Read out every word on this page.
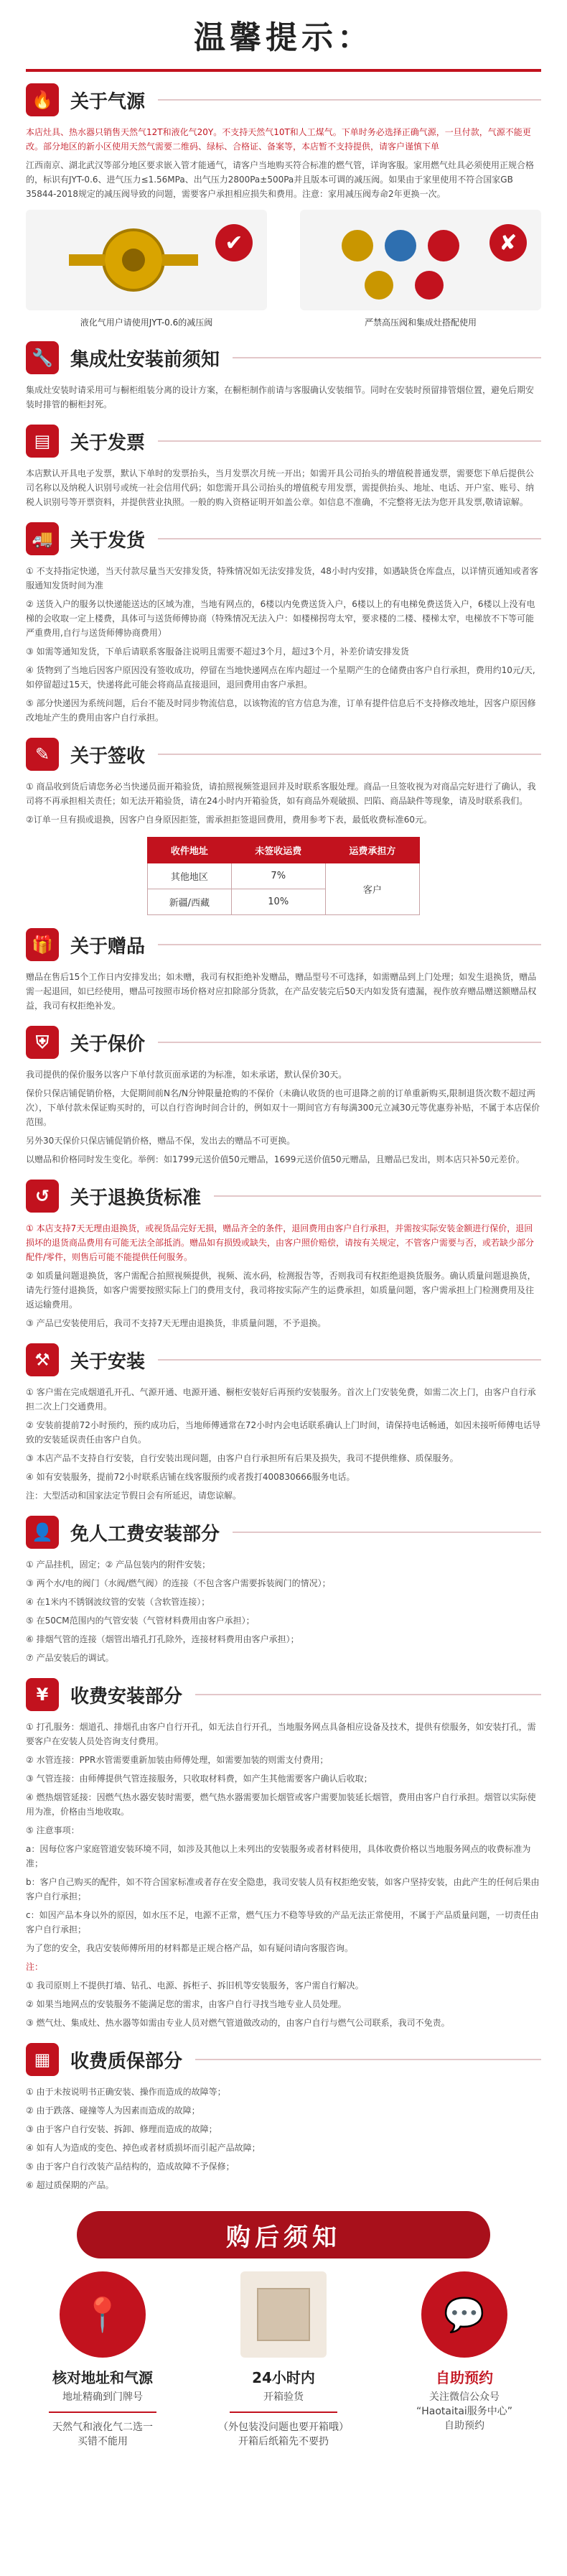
温馨提示：
🔥 关于气源

本店灶具、热水器只销售天然气12T和液化气20Y。不支持天然气10T和人工煤气。下单时务必选择正确气源，一旦付款，气源不能更改。部分地区的新小区使用天然气需要二维码、绿标、合格证、备案等，本店暂不支持提供，请客户谨慎下单

江西南京、湖北武汉等部分地区要求嵌入管才能通气，请客户当地购买符合标准的燃气管，详询客服。家用燃气灶具必须使用正规合格的，标识有JYT-0.6、进气压力≤1.56MPa、出气压力2800Pa±500Pa并且版本可调的减压阀。如果由于家里使用不符合国家GB 35844-2018规定的减压阀导致的问题，需要客户承担相应损失和费用。注意：家用减压阀寿命2年更换一次。

✔
液化气用户请使用JYT-0.6的减压阀
✘
严禁高压阀和集成灶搭配使用
🔧 集成灶安装前须知

集成灶安装时请采用可与橱柜组装分离的设计方案，在橱柜制作前请与客服确认安装细节。同时在安装时预留排管烟位置，避免后期安装时排管的橱柜封死。

▤	关于发票

本店默认开具电子发票，默认下单时的发票抬头，当月发票次月统一开出；如需开具公司抬头的增值税普通发票，需要您下单后提供公司名称以及纳税人识别号或统一社会信用代码；如您需开具公司抬头的增值税专用发票，需提供抬头、地址、电话、开户室、账号、纳税人识别号等开票资料，并提供营业执照。一般的购入资格证明开如盖公章。如信息不准确，不完整将无法为您开具发票,敬请谅解。

🚚 关于发货

① 不支持指定快递，当天付款尽量当天安排发货，特殊情况如无法安排发货，48小时内安排，如遇缺货仓库盘点，以详情页通知或者客服通知发货时间为准

② 送货入户的服务以快递能送达的区域为准，当地有网点的，6楼以内免费送货入户，6楼以上的有电梯免费送货入户，6楼以上没有电梯的会收取一定上楼费，具体可与送货师傅协商（特殊情况无法入户：如楼梯拐弯太窄，要求楼的二楼、楼梯太窄，电梯放不下等可能严重费用,自行与送货师傅协商费用）

③ 如需等通知发货，下单后请联系客服备注说明且需要不超过3个月，超过3个月，补差价请安排发货

④ 货物到了当地后因客户原因没有签收成功，停留在当地快递网点在库内超过一个星期产生的仓储费由客户自行承担，费用约10元/天,如停留超过15天，快递将此可能会将商品直接退回，退回费用由客户承担。

⑤ 部分快递因为系统问题，后台不能及时同步物流信息，以该物流的官方信息为准，订单有提件信息后不支持修改地址，因客户原因修改地址产生的费用由客户自行承担。

✎	关于签收

① 商品收到货后请您务必当快递员面开箱验货，请拍照视频签退回并及时联系客服处理。商品一旦签收视为对商品完好进行了确认，我司将不再承担相关责任；如无法开箱验货，请在24小时内开箱验货，如有商品外观破损、凹陷、商品缺件等现象，请及时联系我们。

②订单一旦有损或退换，因客户自身原因拒签，需承担拒签退回费用，费用参考下表，最低收费标准60元。

收件地址	未签收运费	运费承担方
其他地区	7%	客户
新疆/西藏	10%	
🎁 关于赠品

赠品在售后15个工作日内安排发出；如未赠，我司有权拒绝补发赠品，赠品型号不可选择，如需赠品到上门处理；如发生退换货，赠品需一起退回，如已经使用，赠品可按照市场价格对应扣除部分货款，在产品安装完后50天内如发货有遗漏，视作放弃赠品赠送额赠品权益，我司有权拒绝补发。

⛨	关于保价

我司提供的保价服务以客户下单付款页面承诺的为标准，如未承诺，默认保价30天。

保价只保店铺促销价格，大促期间前N名/N分钟限量抢购的不保价（未确认收货的也可退降之前的订单重新购买,限制退货次数不超过两次），下单付款未保证购买时的，可以自行咨询时间合计的，例如双十一期间官方有每满300元立减30元等优惠券补贴，不属于本店保价范围。

另外30天保价只保店铺促销价格，赠品不保，发出去的赠品不可更换。

以赠品和价格同时发生变化。举例：如1799元送价值50元赠品，1699元送价值50元赠品，且赠品已发出，则本店只补50元差价。

↺	关于退换货标准

① 本店支持7天无理由退换货，或视货品完好无损，赠品齐全的条件，退回费用由客户自行承担，并需按实际安装金额进行保价，退回损坏的退货商品费用有可能无法全部抵消。赠品如有损毁或缺失，由客户照价赔偿，请按有关规定，不管客户需要与否，或若缺少部分配件/零件，则售后可能不能提供任何服务。

② 如质量问题退换货，客户需配合拍照视频提供，视频、流水码，检测报告等，否则我司有权拒绝退换货服务。确认质量问题退换货，请先行签付退换货，如客户需要按照实际上门的费用支付，我司将按实际产生的运费承担，如质量问题，客户需承担上门检测费用及往返运输费用。

③ 产品已安装使用后，我司不支持7天无理由退换货，非质量问题，不予退换。

⚒	关于安装

① 客户需在完成烟道孔开孔、气源开通、电源开通、橱柜安装好后再预约安装服务。首次上门安装免费，如需二次上门，由客户自行承担二次上门交通费用。

② 安装前提前72小时预约，预约成功后，当地师傅通常在72小时内会电话联系确认上门时间，请保持电话畅通，如因未接听师傅电话导致的安装延误责任由客户自负。

③ 本店产品不支持自行安装，自行安装出现问题，由客户自行承担所有后果及损失，我司不提供维修、质保服务。

④ 如有安装服务，提前72小时联系店铺在线客服预约或者拨打400830666服务电话。

注：大型活动和国家法定节假日会有所延迟，请您谅解。

👤 免人工费安装部分

① 产品挂机，固定；② 产品包装内的附件安装；

③ 两个水/电的阀门（水阀/燃气阀）的连接（不包含客户需要拆装阀门的情况）；

④ 在1米内不锈钢波纹管的安装（含软管连接）；

⑤ 在50CM范围内的气管安装（气管材料费用由客户承担）；

⑥ 排烟气管的连接（烟管出墙孔打孔除外，连接材料费用由客户承担）；

⑦ 产品安装后的调试。

¥	收费安装部分

① 打孔服务：烟道孔、排烟孔由客户自行开孔，如无法自行开孔，当地服务网点具备相应设备及技术，提供有偿服务，如安装打孔，需要客户在安装人员处咨询支付费用。

② 水管连接：PPR水管需要重新加装由师傅处理，如需要加装的则需支付费用；

③ 气管连接：由师傅提供气管连接服务，只收取材料费，如产生其他需要客户确认后收取；

④ 燃热烟管延接：因燃气热水器安装时需要，燃气热水器需要加长烟管或客户需要加装延长烟管，费用由客户自行承担。烟管以实际使用为准，价格由当地收取。

⑤ 注意事项：

a：因每位客户家庭管道安装环境不同，如涉及其他以上未列出的安装服务或者材料使用，具体收费价格以当地服务网点的收费标准为准；

b：客户自己购买的配件，如不符合国家标准或者存在安全隐患，我司安装人员有权拒绝安装，如客户坚持安装，由此产生的任何后果由客户自行承担；

c：如因产品本身以外的原因，如水压不足，电源不正常，燃气压力不稳等导致的产品无法正常使用，不属于产品质量问题，一切责任由客户自行承担；

为了您的安全，我店安装师傅所用的材料都是正规合格产品，如有疑问请向客服咨询。

注：

① 我司原则上不提供打墙、钻孔、电源、拆柜子、拆旧机等安装服务，客户需自行解决。

② 如果当地网点的安装服务不能满足您的需求，由客户自行寻找当地专业人员处理。

③ 燃气灶、集成灶、热水器等如需由专业人员对燃气管道做改动的，由客户自行与燃气公司联系，我司不免责。

▦	收费质保部分

① 由于未按说明书正确安装、操作而造成的故障等；

② 由于跌落、碰撞等人为因素而造成的故障；

③ 由于客户自行安装、拆卸、修理而造成的故障；

④ 如有人为造成的变色、掉色或者材质损坏而引起产品故障；

⑤ 由于客户自行改装产品结构的，造成故障不予保修；

⑥ 超过质保期的产品。

购后须知
📍
核对地址和气源
地址精确到门牌号
天然气和液化气二选一
买错不能用
24小时内
开箱验货
（外包装没问题也要开箱哦）
开箱后纸箱先不要扔
💬
自助预约
关注微信公众号
“Haotaitai服务中心”
自助预约
